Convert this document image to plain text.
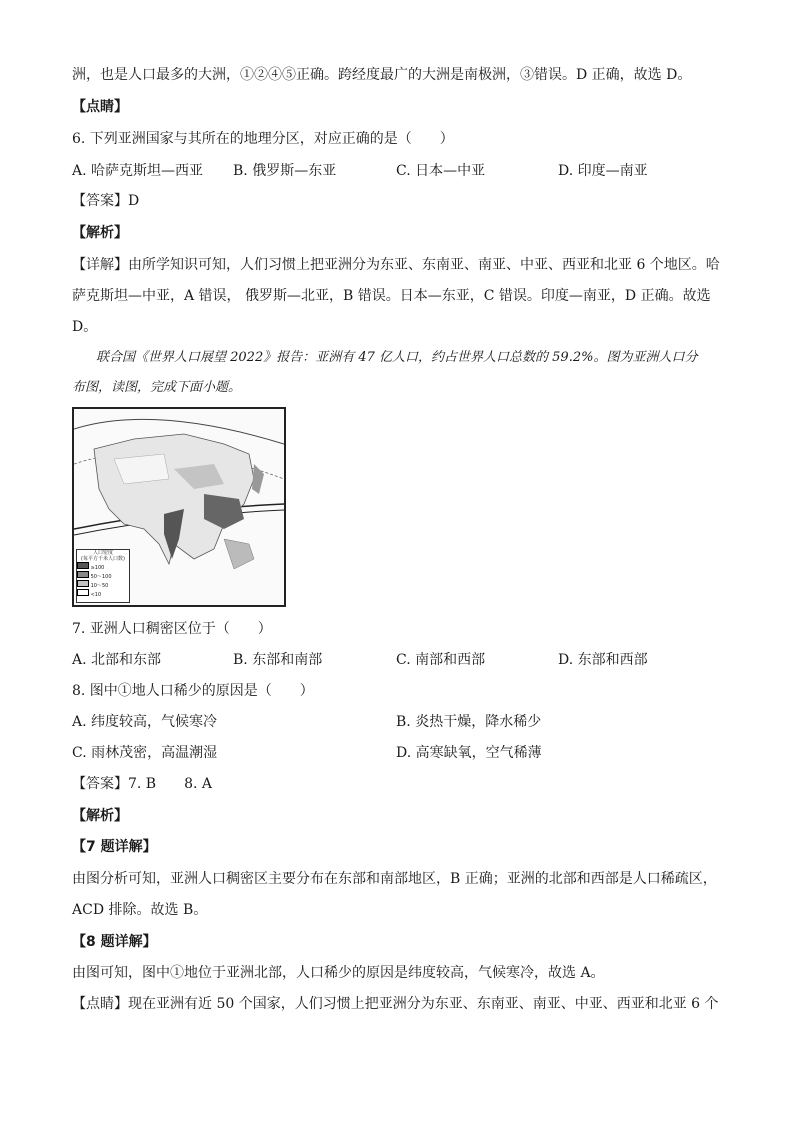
洲，也是人口最多的大洲，①②④⑤正确。跨经度最广的大洲是南极洲，③错误。D 正确，故选 D。
【点睛】
6. 下列亚洲国家与其所在的地理分区，对应正确的是（　　）
A. 哈萨克斯坦—西亚 B. 俄罗斯—东亚	C. 日本—中亚	D. 印度—南亚
【答案】D
【解析】
【详解】由所学知识可知，人们习惯上把亚洲分为东亚、东南亚、南亚、中亚、西亚和北亚 6 个地区。哈
萨克斯坦—中亚，A 错误， 俄罗斯—北亚，B 错误。日本—东亚，C 错误。印度—南亚，D 正确。故选
D。
联合国《世界人口展望 2022》报告：亚洲有 47 亿人口，约占世界人口总数的 59.2%。图为亚洲人口分
布图，读图，完成下面小题。
人口密度
(每平方千米人口数)
≥100
50～100
10～50
<10
7. 亚洲人口稠密区位于（　　）
A. 北部和东部	B. 东部和南部	C. 南部和西部	D. 东部和西部
8. 图中①地人口稀少的原因是（　　）
A. 纬度较高，气候寒冷	B. 炎热干燥，降水稀少
C. 雨林茂密，高温潮湿	D. 高寒缺氧，空气稀薄
【答案】7. B　　8. A
【解析】
【7 题详解】
由图分析可知，亚洲人口稠密区主要分布在东部和南部地区，B 正确；亚洲的北部和西部是人口稀疏区，
ACD 排除。故选 B。
【8 题详解】
由图可知，图中①地位于亚洲北部，人口稀少的原因是纬度较高，气候寒冷，故选 A。
【点睛】现在亚洲有近 50 个国家，人们习惯上把亚洲分为东亚、东南亚、南亚、中亚、西亚和北亚 6 个
